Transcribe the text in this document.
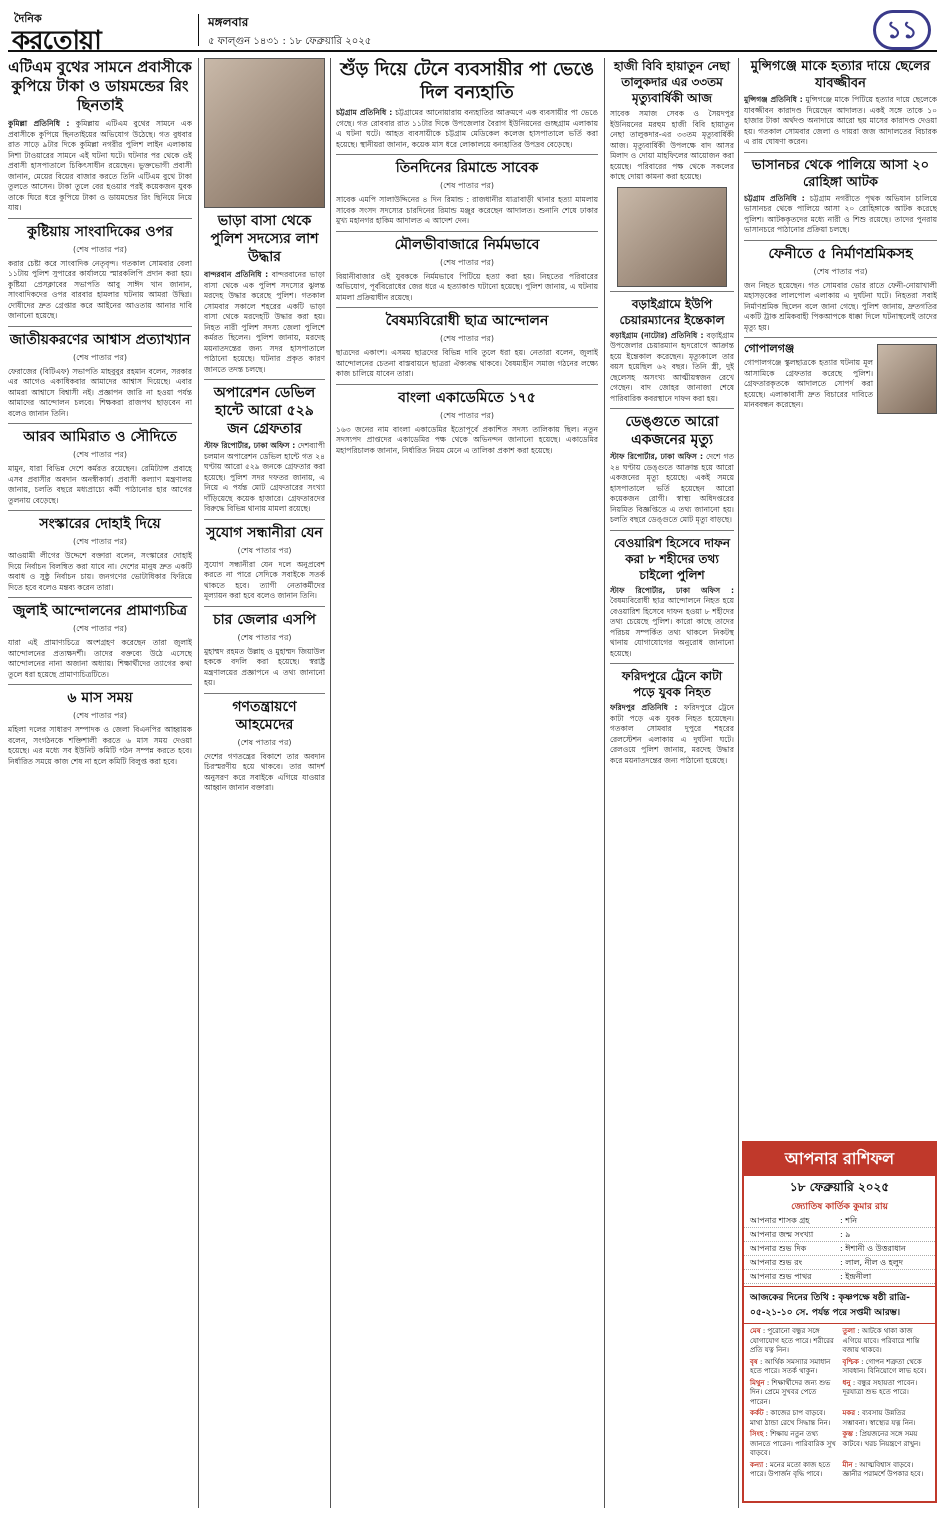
দৈনিক
করতোয়া
মঙ্গলবার
৫ ফাল্গুন ১৪৩১ : ১৮ ফেব্রুয়ারি ২০২৫	১১
এটিএম বুথের সামনে প্রবাসীকে কুপিয়ে টাকা ও ডায়মন্ডের রিং ছিনতাই
কুমিল্লা প্রতিনিধি : কুমিল্লায় এটিএম বুথের সামনে এক প্রবাসীকে কুপিয়ে ছিনতাইয়ের অভিযোগ উঠেছে। গত বুধবার রাত সাড়ে ৯টার দিকে কুমিল্লা নগরীর পুলিশ লাইন এলাকায় নিশা টাওয়ারের সামনে এই ঘটনা ঘটে। ঘটনার পর থেকে ওই প্রবাসী হাসপাতালে চিকিৎসাধীন রয়েছেন। ভুক্তভোগী প্রবাসী জানান, মেয়ের বিয়ের বাজার করতে তিনি এটিএম বুথে টাকা তুলতে আসেন। টাকা তুলে বের হওয়ার পরই কয়েকজন যুবক তাকে ঘিরে ধরে কুপিয়ে টাকা ও ডায়মন্ডের রিং ছিনিয়ে নিয়ে যায়।
কুষ্টিয়ায় সাংবাদিকের ওপর
(শেষ পাতার পর)
করার চেষ্টা করে সাংবাদিক নেতৃবৃন্দ। গতকাল সোমবার বেলা ১১টায় পুলিশ সুপারের কার্যালয়ে স্মারকলিপি প্রদান করা হয়। কুষ্টিয়া প্রেসক্লাবের সভাপতি আবু সাঈদ খান জানান, সাংবাদিকদের ওপর বারবার হামলার ঘটনায় আমরা উদ্বিগ্ন। দোষীদের দ্রুত গ্রেপ্তার করে আইনের আওতায় আনার দাবি জানানো হয়েছে।
জাতীয়করণের আশ্বাস প্রত্যাখ্যান
(শেষ পাতার পর)
ফেরাজের (বিটিএফ) সভাপতি মাহবুবুর রহমান বলেন, সরকার এর আগেও একাধিকবার আমাদের আশ্বাস দিয়েছে। এবার আমরা আশ্বাসে বিশ্বাসী নই। প্রজ্ঞাপন জারি না হওয়া পর্যন্ত আমাদের আন্দোলন চলবে। শিক্ষকরা রাজপথ ছাড়বেন না বলেও জানান তিনি।
আরব আমিরাত ও সৌদিতে
(শেষ পাতার পর)
মামুন, যারা বিভিন্ন দেশে কর্মরত রয়েছেন। রেমিট্যান্স প্রবাহে এসব প্রবাসীর অবদান অনস্বীকার্য। প্রবাসী কল্যাণ মন্ত্রণালয় জানায়, চলতি বছরে মধ্যপ্রাচ্যে কর্মী পাঠানোর হার আগের তুলনায় বেড়েছে।
সংস্কারের দোহাই দিয়ে
(শেষ পাতার পর)
আওয়ামী লীগের উদ্দেশে বক্তারা বলেন, সংস্কারের দোহাই দিয়ে নির্বাচন বিলম্বিত করা যাবে না। দেশের মানুষ দ্রুত একটি অবাধ ও সুষ্ঠু নির্বাচন চায়। জনগণের ভোটাধিকার ফিরিয়ে দিতে হবে বলেও মন্তব্য করেন তারা।
জুলাই আন্দোলনের প্রামাণ্যচিত্র
(শেষ পাতার পর)
যারা এই প্রামাণ্যচিত্রে অংশগ্রহণ করেছেন তারা জুলাই আন্দোলনের প্রত্যক্ষদর্শী। তাদের বক্তব্যে উঠে এসেছে আন্দোলনের নানা অজানা অধ্যায়। শিক্ষার্থীদের ত্যাগের কথা তুলে ধরা হয়েছে প্রামাণ্যচিত্রটিতে।
৬ মাস সময়
(শেষ পাতার পর)
মহিলা দলের সাধারণ সম্পাদক ও জেলা বিএনপির আহ্বায়ক বলেন, সংগঠনকে শক্তিশালী করতে ৬ মাস সময় দেওয়া হয়েছে। এর মধ্যে সব ইউনিট কমিটি গঠন সম্পন্ন করতে হবে। নির্ধারিত সময়ে কাজ শেষ না হলে কমিটি বিলুপ্ত করা হবে।
ভাড়া বাসা থেকে পুলিশ সদস্যের লাশ উদ্ধার
বান্দরবান প্রতিনিধি : বান্দরবানের ভাড়া বাসা থেকে এক পুলিশ সদস্যের ঝুলন্ত মরদেহ উদ্ধার করেছে পুলিশ। গতকাল সোমবার সকালে শহরের একটি ভাড়া বাসা থেকে মরদেহটি উদ্ধার করা হয়। নিহত নারী পুলিশ সদস্য জেলা পুলিশে কর্মরত ছিলেন। পুলিশ জানায়, মরদেহ ময়নাতদন্তের জন্য সদর হাসপাতালে পাঠানো হয়েছে। ঘটনার প্রকৃত কারণ জানতে তদন্ত চলছে।
অপারেশন ডেভিল হান্টে আরো ৫২৯ জন গ্রেফতার
স্টাফ রিপোর্টার, ঢাকা অফিস : দেশব্যাপী চলমান অপারেশন ডেভিল হান্টে গত ২৪ ঘণ্টায় আরো ৫২৯ জনকে গ্রেফতার করা হয়েছে। পুলিশ সদর দফতর জানায়, এ নিয়ে এ পর্যন্ত মোট গ্রেফতারের সংখ্যা দাঁড়িয়েছে কয়েক হাজারে। গ্রেফতারদের বিরুদ্ধে বিভিন্ন থানায় মামলা রয়েছে।
সুযোগ সন্ধানীরা যেন
(শেষ পাতার পর)
সুযোগ সন্ধানীরা যেন দলে অনুপ্রবেশ করতে না পারে সেদিকে সবাইকে সতর্ক থাকতে হবে। ত্যাগী নেতাকর্মীদের মূল্যায়ন করা হবে বলেও জানান তিনি।
চার জেলার এসপি
(শেষ পাতার পর)
মুহাম্মদ রহমত উল্লাহ ও মুহাম্মদ জিয়াউল হককে বদলি করা হয়েছে। স্বরাষ্ট্র মন্ত্রণালয়ের প্রজ্ঞাপনে এ তথ্য জানানো হয়।
গণতন্ত্রায়ণে আহমেদের
(শেষ পাতার পর)
দেশের গণতন্ত্রের বিকাশে তার অবদান চিরস্মরণীয় হয়ে থাকবে। তার আদর্শ অনুসরণ করে সবাইকে এগিয়ে যাওয়ার আহ্বান জানান বক্তারা।
শুঁড় দিয়ে টেনে ব্যবসায়ীর পা ভেঙে দিল বন্যহাতি
চট্টগ্রাম প্রতিনিধি : চট্টগ্রামের আনোয়ারায় বন্যহাতির আক্রমণে এক ব্যবসায়ীর পা ভেঙে গেছে। গত রোববার রাত ১১টার দিকে উপজেলার বৈরাগ ইউনিয়নের গুচ্ছগ্রাম এলাকায় এ ঘটনা ঘটে। আহত ব্যবসায়ীকে চট্টগ্রাম মেডিকেল কলেজ হাসপাতালে ভর্তি করা হয়েছে। স্থানীয়রা জানান, কয়েক মাস ধরে লোকালয়ে বন্যহাতির উপদ্রব বেড়েছে।
তিনদিনের রিমান্ডে সাবেক
(শেষ পাতার পর)
সাবেক এমপি সালাউদ্দিনের ৪ দিন রিমান্ড : রাজধানীর যাত্রাবাড়ী থানার হত্যা মামলায় সাবেক সংসদ সদস্যের চারদিনের রিমান্ড মঞ্জুর করেছেন আদালত। শুনানি শেষে ঢাকার মুখ্য মহানগর হাকিম আদালত এ আদেশ দেন।
মৌলভীবাজারে নির্মমভাবে
(শেষ পাতার পর)
বিয়ানীবাজার ওই যুবককে নির্মমভাবে পিটিয়ে হত্যা করা হয়। নিহতের পরিবারের অভিযোগ, পূর্ববিরোধের জের ধরে এ হত্যাকাণ্ড ঘটানো হয়েছে। পুলিশ জানায়, এ ঘটনায় মামলা প্রক্রিয়াধীন রয়েছে।
বৈষম্যবিরোধী ছাত্র আন্দোলন
(শেষ পাতার পর)
ছাত্রদের একাংশ। এসময় ছাত্রদের বিভিন্ন দাবি তুলে ধরা হয়। নেতারা বলেন, জুলাই আন্দোলনের চেতনা বাস্তবায়নে ছাত্ররা ঐক্যবদ্ধ থাকবে। বৈষম্যহীন সমাজ গঠনের লক্ষ্যে কাজ চালিয়ে যাবেন তারা।
বাংলা একাডেমিতে ১৭৫
(শেষ পাতার পর)
১৬৩ জনের নাম বাংলা একাডেমির ইতোপূর্বে প্রকাশিত সদস্য তালিকায় ছিল। নতুন সদস্যপদ প্রাপ্তদের একাডেমির পক্ষ থেকে অভিনন্দন জানানো হয়েছে। একাডেমির মহাপরিচালক জানান, নির্ধারিত নিয়ম মেনে এ তালিকা প্রকাশ করা হয়েছে।
হাজী বিবি হায়াতুন নেছা তালুকদার এর ৩৩তম মৃত্যুবার্ষিকী আজ
সাবেক সমাজ সেবক ও সৈয়দপুর ইউনিয়নের মরহুম হাজী বিবি হায়াতুন নেছা তালুকদার-এর ৩৩তম মৃত্যুবার্ষিকী আজ। মৃত্যুবার্ষিকী উপলক্ষে বাদ আসর মিলাদ ও দোয়া মাহফিলের আয়োজন করা হয়েছে। পরিবারের পক্ষ থেকে সকলের কাছে দোয়া কামনা করা হয়েছে।
বড়াইগ্রামে ইউপি চেয়ারম্যানের ইন্তেকাল
বড়াইগ্রাম (নাটোর) প্রতিনিধি : বড়াইগ্রাম উপজেলার চেয়ারম্যান হৃদরোগে আক্রান্ত হয়ে ইন্তেকাল করেছেন। মৃত্যুকালে তার বয়স হয়েছিল ৬২ বছর। তিনি স্ত্রী, দুই ছেলেসহ অসংখ্য আত্মীয়স্বজন রেখে গেছেন। বাদ জোহর জানাজা শেষে পারিবারিক কবরস্থানে দাফন করা হয়।
ডেঙ্গুতে আরো একজনের মৃত্যু
স্টাফ রিপোর্টার, ঢাকা অফিস : দেশে গত ২৪ ঘণ্টায় ডেঙ্গুতে আক্রান্ত হয়ে আরো একজনের মৃত্যু হয়েছে। একই সময়ে হাসপাতালে ভর্তি হয়েছেন আরো কয়েকজন রোগী। স্বাস্থ্য অধিদপ্তরের নিয়মিত বিজ্ঞপ্তিতে এ তথ্য জানানো হয়। চলতি বছরে ডেঙ্গুতে মোট মৃত্যু বাড়ছে।
বেওয়ারিশ হিসেবে দাফন করা ৮ শহীদের তথ্য চাইলো পুলিশ
স্টাফ রিপোর্টার, ঢাকা অফিস : বৈষম্যবিরোধী ছাত্র আন্দোলনে নিহত হয়ে বেওয়ারিশ হিসেবে দাফন হওয়া ৮ শহীদের তথ্য চেয়েছে পুলিশ। কারো কাছে তাদের পরিচয় সম্পর্কিত তথ্য থাকলে নিকটস্থ থানায় যোগাযোগের অনুরোধ জানানো হয়েছে।
ফরিদপুরে ট্রেনে কাটা পড়ে যুবক নিহত
ফরিদপুর প্রতিনিধি : ফরিদপুরে ট্রেনে কাটা পড়ে এক যুবক নিহত হয়েছেন। গতকাল সোমবার দুপুরে শহরের রেলস্টেশন এলাকায় এ দুর্ঘটনা ঘটে। রেলওয়ে পুলিশ জানায়, মরদেহ উদ্ধার করে ময়নাতদন্তের জন্য পাঠানো হয়েছে।
মুন্সিগঞ্জে মাকে হত্যার দায়ে ছেলের যাবজ্জীবন
মুন্সিগঞ্জ প্রতিনিধি : মুন্সিগঞ্জে মাকে পিটিয়ে হত্যার দায়ে ছেলেকে যাবজ্জীবন কারাদণ্ড দিয়েছেন আদালত। একই সঙ্গে তাকে ১০ হাজার টাকা অর্থদণ্ড অনাদায়ে আরো ছয় মাসের কারাদণ্ড দেওয়া হয়। গতকাল সোমবার জেলা ও দায়রা জজ আদালতের বিচারক এ রায় ঘোষণা করেন।
ভাসানচর থেকে পালিয়ে আসা ২০ রোহিঙ্গা আটক
চট্টগ্রাম প্রতিনিধি : চট্টগ্রাম নগরীতে পৃথক অভিযান চালিয়ে ভাসানচর থেকে পালিয়ে আসা ২০ রোহিঙ্গাকে আটক করেছে পুলিশ। আটককৃতদের মধ্যে নারী ও শিশু রয়েছে। তাদের পুনরায় ভাসানচরে পাঠানোর প্রক্রিয়া চলছে।
ফেনীতে ৫ নির্মাণশ্রমিকসহ
(শেষ পাতার পর)
জন নিহত হয়েছেন। গত সোমবার ভোর রাতে ফেনী-নোয়াখালী মহাসড়কের লালপোল এলাকায় এ দুর্ঘটনা ঘটে। নিহতরা সবাই নির্মাণশ্রমিক ছিলেন বলে জানা গেছে। পুলিশ জানায়, দ্রুতগতির একটি ট্রাক শ্রমিকবাহী পিকআপকে ধাক্কা দিলে ঘটনাস্থলেই তাদের মৃত্যু হয়।
গোপালগঞ্জ
গোপালগঞ্জে স্কুলছাত্রকে হত্যার ঘটনায় মূল আসামিকে গ্রেফতার করেছে পুলিশ। গ্রেফতারকৃতকে আদালতে সোপর্দ করা হয়েছে। এলাকাবাসী দ্রুত বিচারের দাবিতে মানববন্ধন করেছেন।
আপনার রাশিফল
১৮ ফেব্রুয়ারি ২০২৫
জ্যোতিষ কার্তিক কুমার রায়
আপনার শাসক গ্রহ	: শনি
আপনার জন্ম সংখ্যা	: ৯
আপনার শুভ দিক	: ঈশানী ও উত্তরাধান
আপনার শুভ রং	: লাল, নীল ও হলুদ
আপনার শুভ পাথর	: ইন্দ্রনীলা
আজকের দিনের তিথি : কৃষ্ণপক্ষে ষষ্ঠী রাত্রি- ০৫-২১-১০ সে. পর্যন্ত পরে সপ্তমী আরম্ভ।
মেষ : পুরোনো বন্ধুর সঙ্গে যোগাযোগ হতে পারে। শরীরের প্রতি যত্ন নিন।
তুলা : আটকে থাকা কাজ এগিয়ে যাবে। পরিবারে শান্তি বজায় থাকবে।
বৃষ : আর্থিক সমস্যার সমাধান হতে পারে। সতর্ক থাকুন।
বৃশ্চিক : গোপন শত্রুতা থেকে সাবধান। বিনিয়োগে লাভ হবে।
মিথুন : শিক্ষার্থীদের জন্য শুভ দিন। প্রেমে সুখবর পেতে পারেন।
ধনু : বন্ধুর সহায়তা পাবেন। দূরযাত্রা শুভ হতে পারে।
কর্কট : কাজের চাপ বাড়বে। মাথা ঠান্ডা রেখে সিদ্ধান্ত নিন।
মকর : ব্যবসায় উন্নতির সম্ভাবনা। স্বাস্থ্যের যত্ন নিন।
সিংহ : শিক্ষায় নতুন তথ্য জানতে পারেন। পারিবারিক সুখ বাড়বে।
কুম্ভ : প্রিয়জনের সঙ্গে সময় কাটবে। খরচ নিয়ন্ত্রণে রাখুন।
কন্যা : মনের মতো কাজ হতে পারে। উপার্জন বৃদ্ধি পাবে।
মীন : আত্মবিশ্বাস বাড়বে। জ্ঞানীর পরামর্শে উপকার হবে।
